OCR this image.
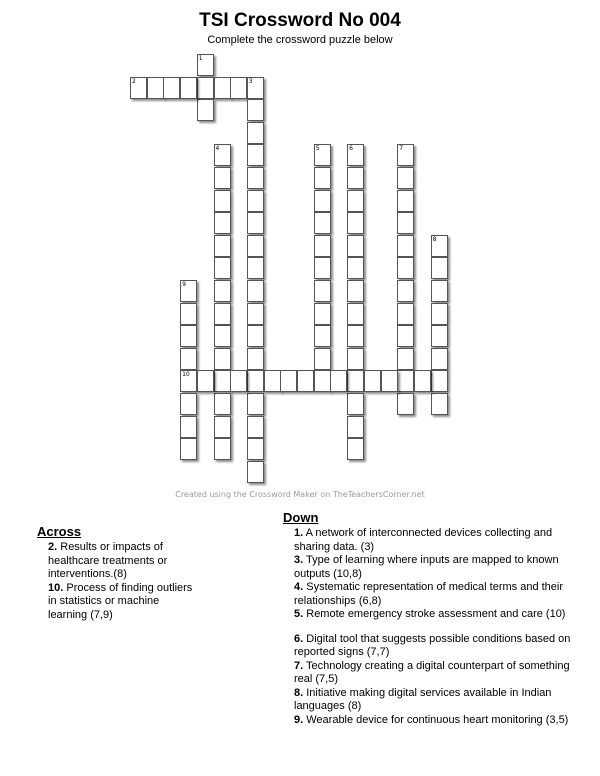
TSI Crossword No 004
Complete the crossword puzzle below
1
2	3
4	5	6	7
8
9
10
Created using the Crossword Maker on TheTeachersCorner.net
Across
2. Results or impacts of healthcare treatments or interventions.(8)
10. Process of finding outliers in statistics or machine learning (7,9)
Down
1. A network of interconnected devices collecting and sharing data. (3)
3. Type of learning where inputs are mapped to known outputs (10,8)
4. Systematic representation of medical terms and their relationships (6,8)
5. Remote emergency stroke assessment and care (10)
6. Digital tool that suggests possible conditions based on reported signs (7,7)
7. Technology creating a digital counterpart of something real (7,5)
8. Initiative making digital services available in Indian languages (8)
9. Wearable device for continuous heart monitoring (3,5)
